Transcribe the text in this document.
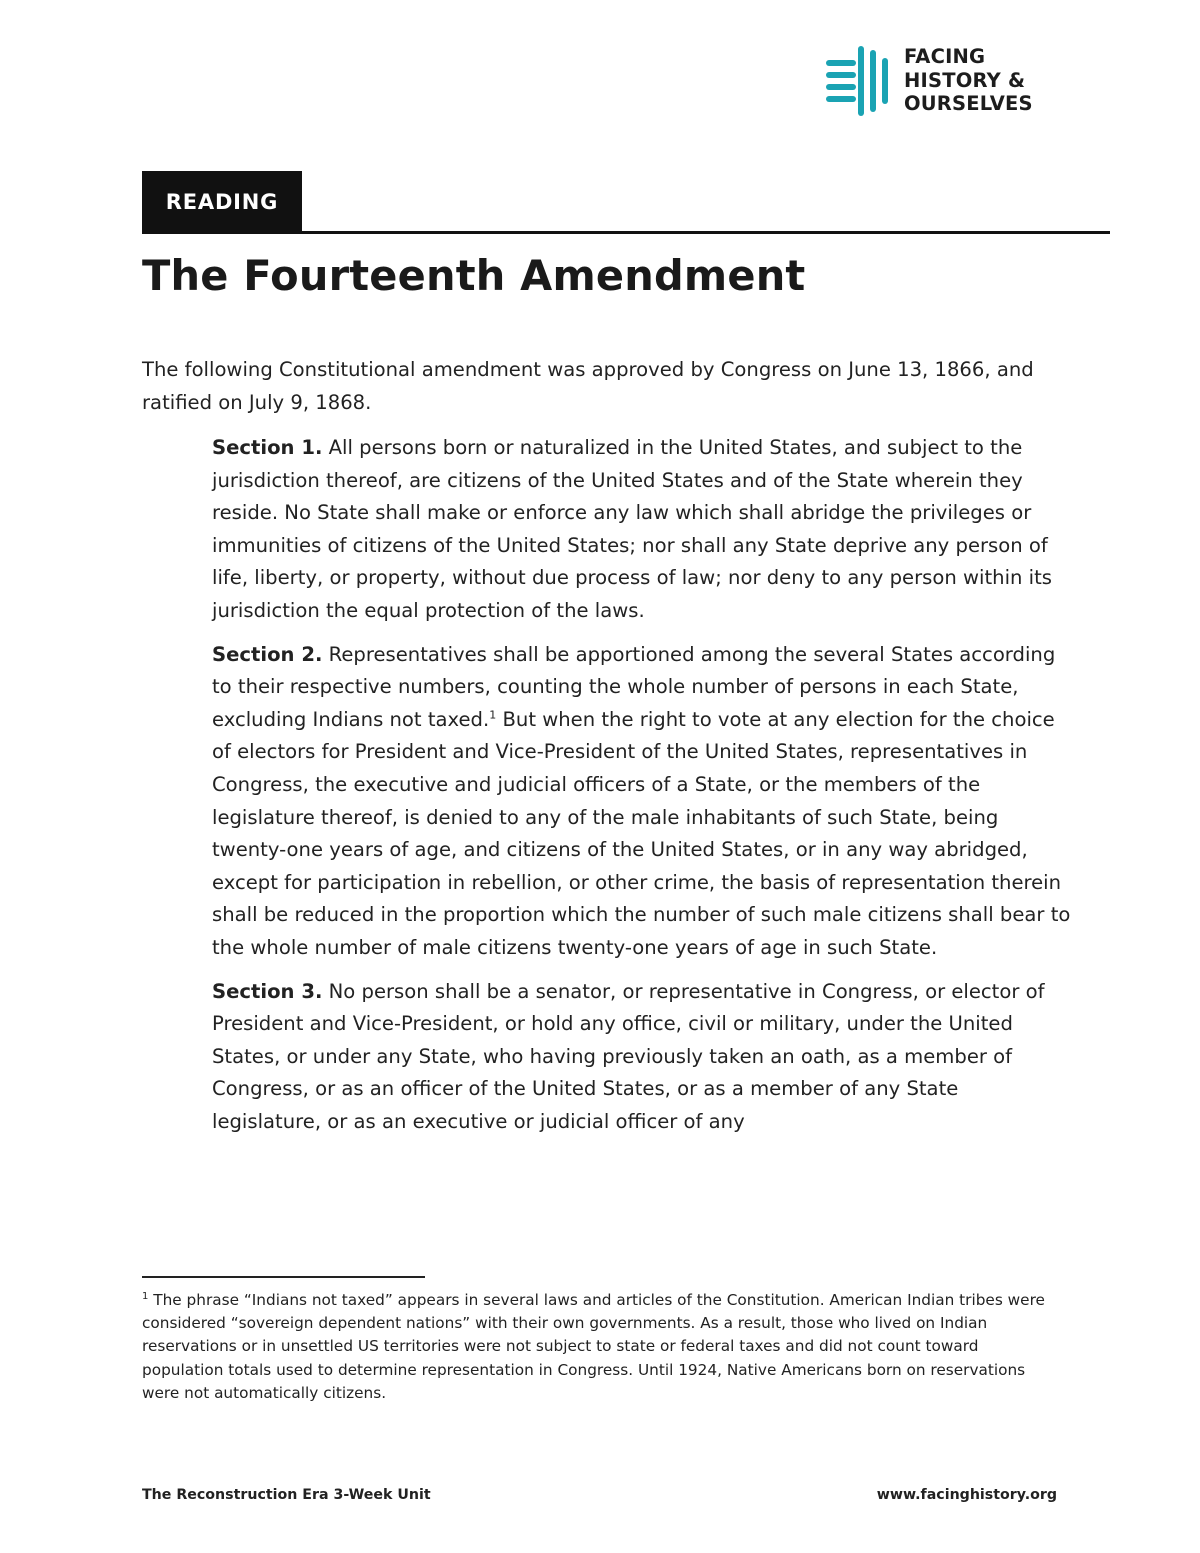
FACING
HISTORY &
OURSELVES
READING
The Fourteenth Amendment

The following Constitutional amendment was approved by Congress on June 13, 1866, and ratified on July 9, 1868.

Section 1. All persons born or naturalized in the United States, and subject to the jurisdiction thereof, are citizens of the United States and of the State wherein they reside. No State shall make or enforce any law which shall abridge the privileges or immunities of citizens of the United States; nor shall any State deprive any person of life, liberty, or property, without due process of law; nor deny to any person within its jurisdiction the equal protection of the laws.

Section 2. Representatives shall be apportioned among the several States according to their respective numbers, counting the whole number of persons in each State, excluding Indians not taxed.$^1$ But when the right to vote at any election for the choice of electors for President and Vice-President of the United States, representatives in Congress, the executive and judicial officers of a State, or the members of the legislature thereof, is denied to any of the male inhabitants of such State, being twenty-one years of age, and citizens of the United States, or in any way abridged, except for participation in rebellion, or other crime, the basis of representation therein shall be reduced in the proportion which the number of such male citizens shall bear to the whole number of male citizens twenty-one years of age in such State.

Section 3. No person shall be a senator, or representative in Congress, or elector of President and Vice-President, or hold any office, civil or military, under the United States, or under any State, who having previously taken an oath, as a member of Congress, or as an officer of the United States, or as a member of any State legislature, or as an executive or judicial officer of any

$^1$ The phrase “Indians not taxed” appears in several laws and articles of the Constitution. American Indian tribes were considered “sovereign dependent nations” with their own governments. As a result, those who lived on Indian reservations or in unsettled US territories were not subject to state or federal taxes and did not count toward population totals used to determine representation in Congress. Until 1924, Native Americans born on reservations were not automatically citizens.

The Reconstruction Era 3-Week Unit	www.facinghistory.org
